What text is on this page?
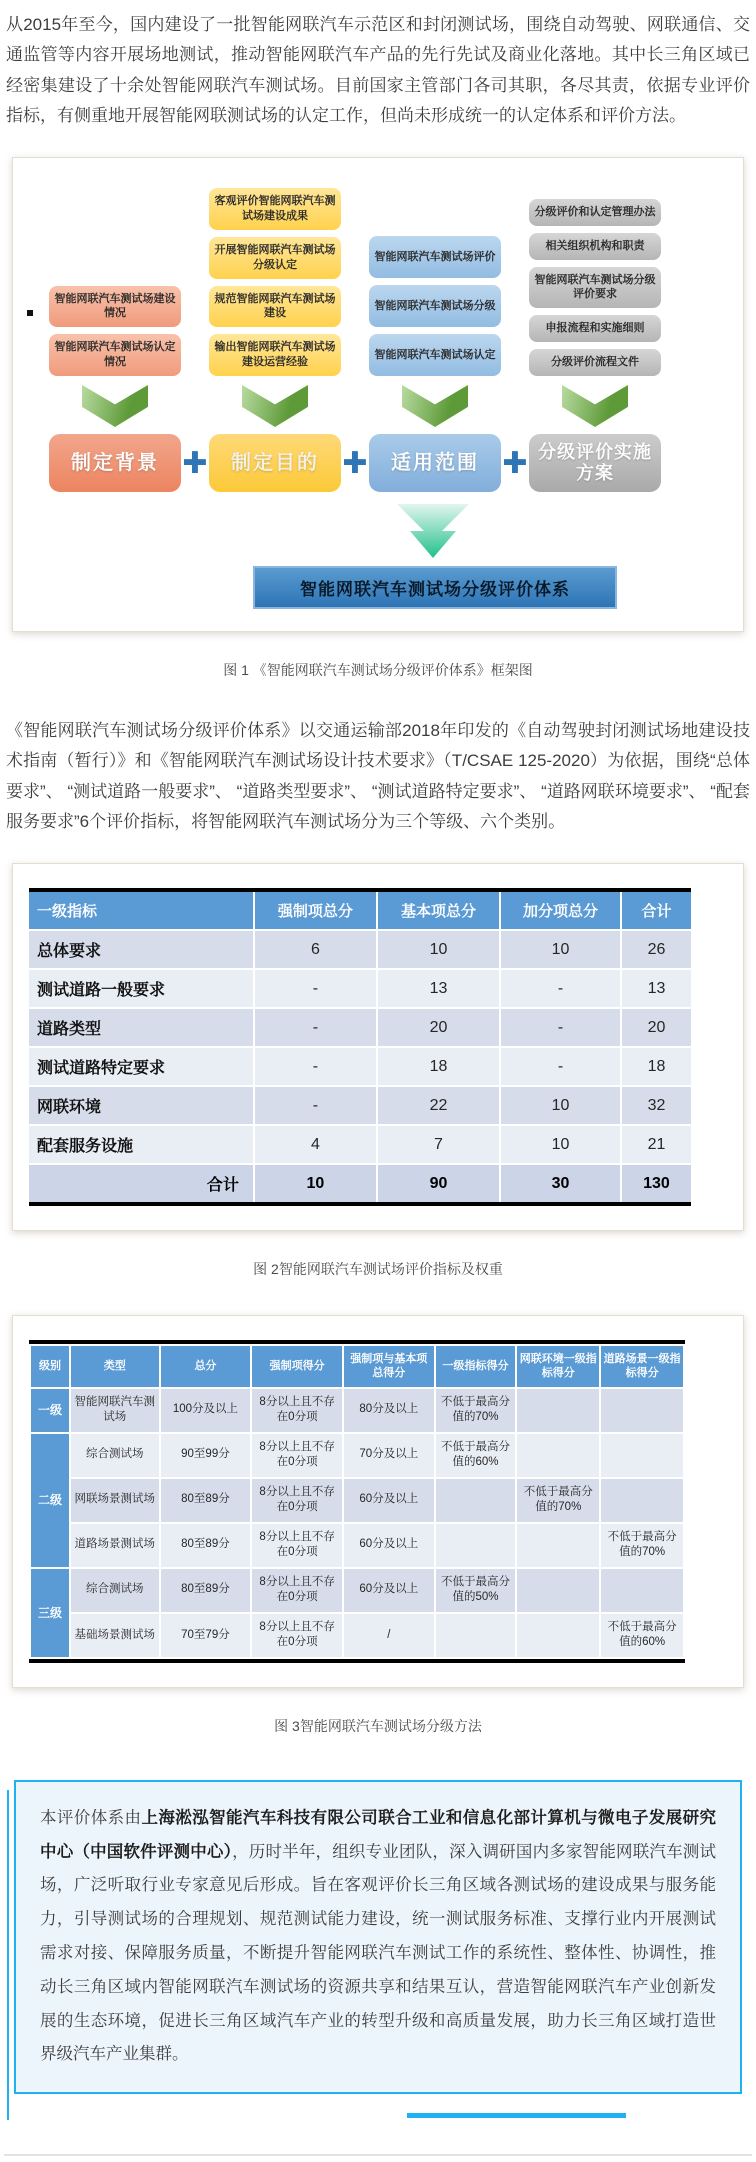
从2015年至今，国内建设了一批智能网联汽车示范区和封闭测试场，围绕自动驾驶、网联通信、交通监管等内容开展场地测试，推动智能网联汽车产品的先行先试及商业化落地。其中长三角区域已经密集建设了十余处智能网联汽车测试场。目前国家主管部门各司其职，各尽其责，依据专业评价指标，有侧重地开展智能网联测试场的认定工作，但尚未形成统一的认定体系和评价方法。

智能网联汽车测试场建设情况
智能网联汽车测试场认定情况
制定背景 ✚
客观评价智能网联汽车测试场建设成果
开展智能网联汽车测试场分级认定
规范智能网联汽车测试场建设
输出智能网联汽车测试场建设运营经验
制定目的 ✚
智能网联汽车测试场评价
智能网联汽车测试场分级
智能网联汽车测试场认定
适用范围 ✚
分级评价和认定管理办法
相关组织机构和职责
智能网联汽车测试场分级评价要求
申报流程和实施细则
分级评价流程文件
分级评价实施方案
智能网联汽车测试场分级评价体系
图 1 《智能网联汽车测试场分级评价体系》框架图

《智能网联汽车测试场分级评价体系》以交通运输部2018年印发的《自动驾驶封闭测试场地建设技术指南（暂行）》和《智能网联汽车测试场设计技术要求》（T/CSAE 125-2020）为依据，围绕“总体要求”、 “测试道路一般要求”、 “道路类型要求”、 “测试道路特定要求”、 “道路网联环境要求”、 “配套服务要求”6个评价指标，将智能网联汽车测试场分为三个等级、六个类别。

一级指标	强制项总分	基本项总分	加分项总分	合计
总体要求	6	10	10	26
测试道路一般要求	-	13	-	13
道路类型	-	20	-	20
测试道路特定要求	-	18	-	18
网联环境	-	22	10	32
配套服务设施	4	7	10	21
合计	10	90	30	130
图 2智能网联汽车测试场评价指标及权重
级别	类型	总分	强制项得分	强制项与基本项总得分	一级指标得分	网联环境一级指标得分	道路场景一级指标得分
一级	智能网联汽车测试场	100分及以上	8分以上且不存在0分项	80分及以上	不低于最高分值的70%		
二级	综合测试场	90至99分	8分以上且不存在0分项	70分及以上	不低于最高分值的60%		
	网联场景测试场	80至89分	8分以上且不存在0分项	60分及以上		不低于最高分值的70%	
	道路场景测试场	80至89分	8分以上且不存在0分项	60分及以上			不低于最高分值的70%
三级	综合测试场	80至89分	8分以上且不存在0分项	60分及以上	不低于最高分值的50%		
	基础场景测试场	70至79分	8分以上且不存在0分项	/			不低于最高分值的60%
图 3智能网联汽车测试场分级方法
本评价体系由上海淞泓智能汽车科技有限公司联合工业和信息化部计算机与微电子发展研究中心（中国软件评测中心），历时半年，组织专业团队，深入调研国内多家智能网联汽车测试场，广泛听取行业专家意见后形成。旨在客观评价长三角区域各测试场的建设成果与服务能力，引导测试场的合理规划、规范测试能力建设，统一测试服务标准、支撑行业内开展测试需求对接、保障服务质量，不断提升智能网联汽车测试工作的系统性、整体性、协调性，推动长三角区域内智能网联汽车测试场的资源共享和结果互认，营造智能网联汽车产业创新发展的生态环境，促进长三角区域汽车产业的转型升级和高质量发展，助力长三角区域打造世界级汽车产业集群。
